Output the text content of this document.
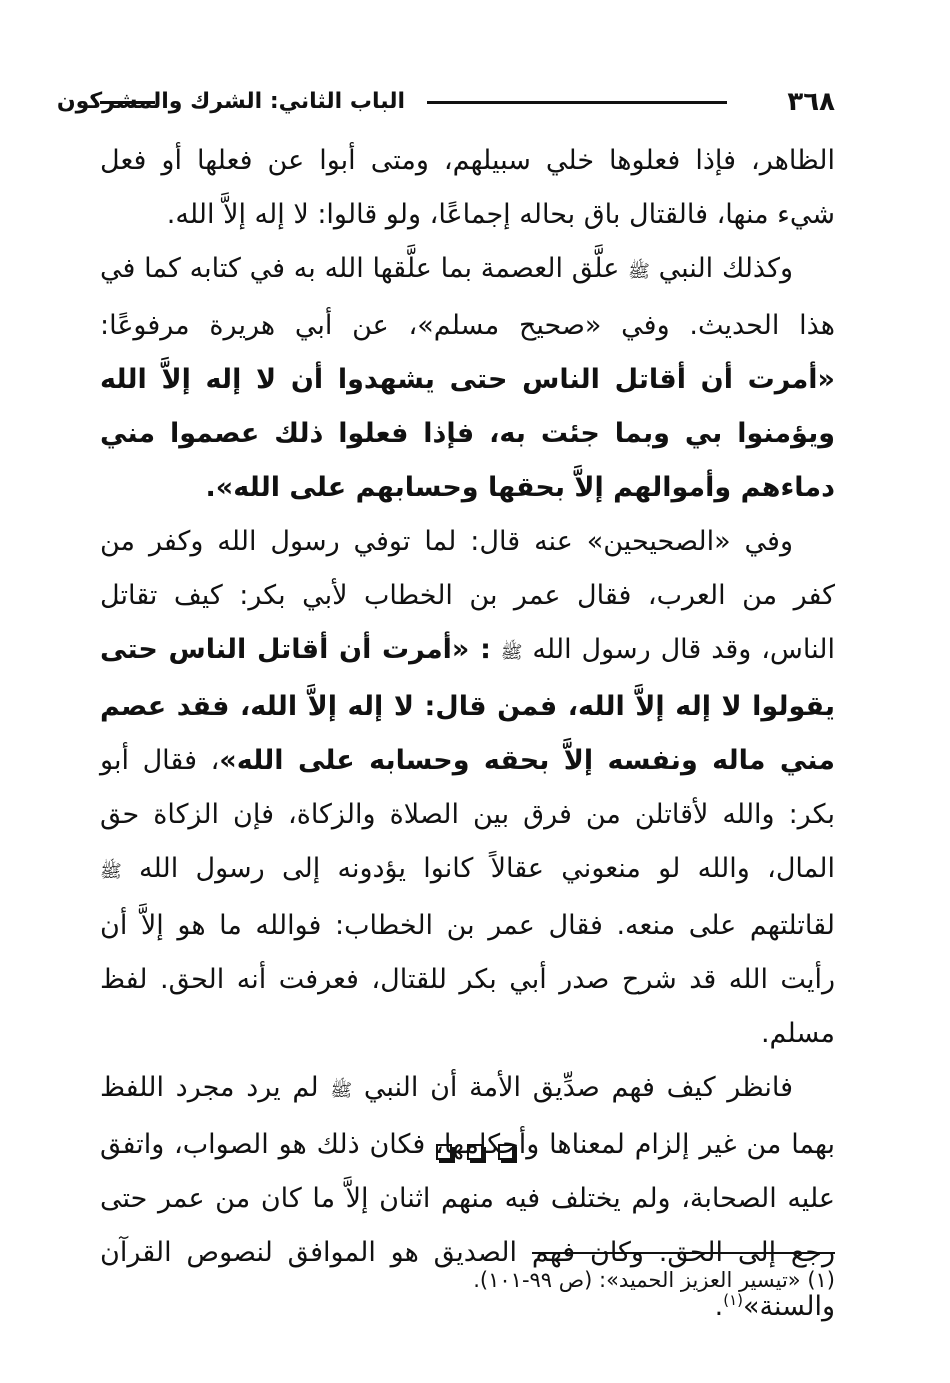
٣٦٨
الباب الثاني: الشرك والمشركون

الظاهر، فإذا فعلوها خلي سبيلهم، ومتى أبوا عن فعلها أو فعل شيء منها، فالقتال باق بحاله إجماعًا، ولو قالوا: لا إله إلاَّ الله.

وكذلك النبي ﷺ علَّق العصمة بما علَّقها الله به في كتابه كما في هذا الحديث. وفي «صحيح مسلم»، عن أبي هريرة مرفوعًا: «أمرت أن أقاتل الناس حتى يشهدوا أن لا إله إلاَّ الله ويؤمنوا بي وبما جئت به، فإذا فعلوا ذلك عصموا مني دماءهم وأموالهم إلاَّ بحقها وحسابهم على الله».

وفي «الصحيحين» عنه قال: لما توفي رسول الله وكفر من كفر من العرب، فقال عمر بن الخطاب لأبي بكر: كيف تقاتل الناس، وقد قال رسول الله ﷺ : «أمرت أن أقاتل الناس حتى يقولوا لا إله إلاَّ الله، فمن قال: لا إله إلاَّ الله، فقد عصم مني ماله ونفسه إلاَّ بحقه وحسابه على الله»، فقال أبو بكر: والله لأقاتلن من فرق بين الصلاة والزكاة، فإن الزكاة حق المال، والله لو منعوني عقالاً كانوا يؤدونه إلى رسول الله ﷺ لقاتلتهم على منعه. فقال عمر بن الخطاب: فوالله ما هو إلاَّ أن رأيت الله قد شرح صدر أبي بكر للقتال، فعرفت أنه الحق. لفظ مسلم.

فانظر كيف فهم صدِّيق الأمة أن النبي ﷺ لم يرد مجرد اللفظ بهما من غير إلزام لمعناها وأحكامها، فكان ذلك هو الصواب، واتفق عليه الصحابة، ولم يختلف فيه منهم اثنان إلاَّ ما كان من عمر حتى رجع إلى الحق. وكان فهم الصديق هو الموافق لنصوص القرآن والسنة»$^{(١)}$.

(١) «تيسير العزيز الحميد»: (ص ٩٩-١٠١).
